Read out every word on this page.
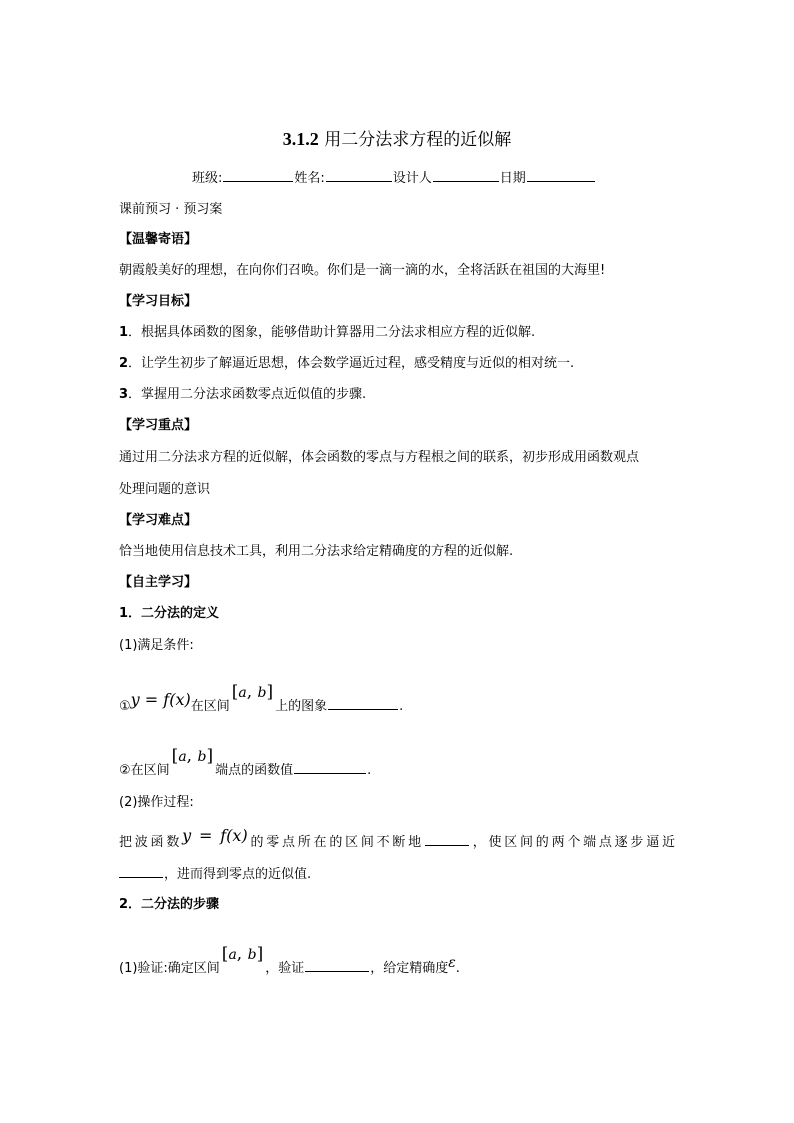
3.1.2 用二分法求方程的近似解
班级:	姓名:	设计人	日期
课前预习 · 预习案
【温馨寄语】
朝霞般美好的理想，在向你们召唤。你们是一滴一滴的水，全将活跃在祖国的大海里!
【学习目标】
1．根据具体函数的图象，能够借助计算器用二分法求相应方程的近似解.
2．让学生初步了解逼近思想，体会数学逼近过程，感受精度与近似的相对统一.
3．掌握用二分法求函数零点近似值的步骤.
【学习重点】
通过用二分法求方程的近似解，体会函数的零点与方程根之间的联系，初步形成用函数观点
处理问题的意识
【学习难点】
恰当地使用信息技术工具，利用二分法求给定精确度的方程的近似解.
【自主学习】
1．二分法的定义
(1)满足条件:
①y = f(x)在区间[a, b]上的图象	.
②在区间[a, b]端点的函数值	.
(2)操作过程:
把波函数y = f(x)的零点所在的区间不断地	，使区间的两个端点逐步逼近
，进而得到零点的近似值.
2．二分法的步骤
(1)验证:确定区间[a, b]，验证	，给定精确度ε.
